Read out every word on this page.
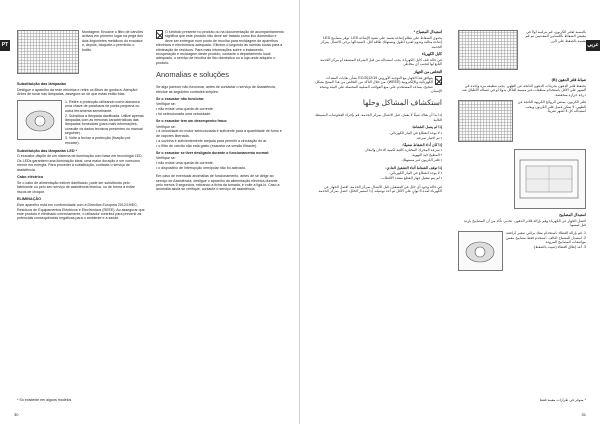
PT
Montagem: Encaixe o filtro de carvões activos em primeiro lugar na pega dos dois lingueletes metálicos do exaustor e, depois, bloqueie-o premindo o botão.
Substituição das lâmpadas
Desligue o aparelho da rede eléctrica e retire os filtros de gordura. Atenção! Antes de tocar nas lâmpadas, assegure-se de que estas estão frias.
1. Retire a protecção utilizando como alavanca uma chave de parafusos de ponta pequena ou outra ferramenta semelhante.
2. Substitua a lâmpada danificada. Utilize apenas lâmpadas com as mesmas características das lâmpadas fornecidas (para mais informações, consulte os dados técnicos presentes no manual seguinte).
3. Volte a fechar a protecção (fixação por encaixe).
Substituição das lâmpadas LED *
O exaustor dispõe de um sistema de iluminação com base em tecnologia LED. Os LEDs garantem uma iluminação ideal, uma maior duração e um consumo menor em energia. Para proceder à substituição, contacte o serviço de assistência.
Cabo eléctrico
Se o cabo de alimentação estiver danificado, pode ser substituído pelo fabricante ou pelo seu serviço de assistência técnica, ou de forma a evitar riscos de choque.
ELIMINAÇÃO
Este aparelho está em conformidade com a Directiva Europeia 2012/19/EC, Resíduos de Equipamentos Eléctricos e Electrónicos (REEE). Ao assegurar que este produto é eliminado correctamente, o utilizador contribui para prevenir as potenciais consequências negativas para o ambiente e a saúde.
O símbolo presente no produto ou na documentação de acompanhamento significa que este produto não deve ser tratado como lixo doméstico e deve ser entregue num ponto de recolha para reciclagem de aparelhos eléctricos e electrónicos adequado. Elimine-o segundo as normas locais para a eliminação de resíduos. Para mais informações sobre o tratamento, recuperação e reciclagem deste produto, contacte o departamento local adequado, o serviço de recolha de lixo doméstico ou a loja onde adquiriu o produto.
Anomalias e soluções
Se algo parecer não funcionar, antes de contactar o serviço de Assistência, efectue as seguintes controles simples:
Se o exaustor não funciona:
Verifique se:
• não existe uma queda de corrente.
• foi seleccionada uma velocidade.
Se o exaustor tem um desempenho fraco:
Verifique se:
• a velocidade do motor seleccionada é suficiente para a quantidade de fumo e de vapores libertada.
• a cozinha é suficientemente arejada para permitir a circulação do ar.
• o filtro de carvão não está gasto (exaustor na versão filtrante).
Se o exaustor se tiver desligado durante o funcionamento normal:
Verifique se:
• não existe uma queda de corrente.
• o dispositivo de interrupção omnipolar não foi activado.
Em caso de eventuais anomalias de funcionamento, antes de se dirigir ao serviço de Assistência, desligue o aparelho da alimentação eléctrica durante pelo menos 5 segundos, retirando a ficha da tomada, e volte a ligá-lo. Caso a anomalia ainda se verifique, contacte o serviço de assistência.
* Só existente em alguns modelos
30
عربي
استبدال المصباح *
يحتوي الشفاط على نظام إضاءة يعتمد على تقنية الإضاءة LED. توفر مصابيح LED إضاءة مثالية وتدوم لفترة أطول وتستهلك طاقة أقل. لاستبدالها يرجى الاتصال بمركز الخدمة.
كابل الكهرباء
في حالة تلف كابل الكهرباء، يجب استبداله من قبل الشركة المصنعة أو مركز الخدمة التابع لها لتجنب أي مخاطر.
التخلص من الجهاز
يتوافق هذا الجهاز مع التوجيه الأوروبي 2012/19/EC بشأن نفايات المعدات الكهربائية والإلكترونية (WEEE). من خلال التأكد من التخلص من هذا المنتج بشكل صحيح، يساعد المستخدم على منع العواقب السلبية المحتملة على البيئة وصحة الإنسان.
استكشاف المشاكل وحلها
إذا بدا أن هناك شيئًا لا يعمل، قبل الاتصال بمركز الخدمة، قم بإجراء الفحوصات البسيطة التالية:
إذا لم يعمل الشفاط:
• لا يوجد انقطاع في التيار الكهربائي.
• تم اختيار سرعة.
إذا كان أداء الشفاط ضعيفًا:
• سرعة المحرك المختارة كافية لكمية الدخان والبخار.
• المطبخ جيد التهوية.
• فلتر الكربون غير مستهلك.
إذا توقف الشفاط أثناء التشغيل العادي:
• لا يوجد انقطاع في التيار الكهربائي.
• لم يتم تفعيل جهاز القطع متعدد الأقطاب.
في حالة وجود أي خلل في التشغيل، قبل الاتصال بمركز الخدمة، افصل الجهاز عن الكهرباء لمدة 5 ثوانٍ على الأقل ثم أعد توصيله. إذا استمر الخلل، اتصل بمركز الخدمة.
بالنسبة لفلتر الكربون، قم بتركيبه أولاً في مقبض الشفاط باللسانين المعدنيين ثم قم بتثبيته بالضغط على الزر.
صيانة فلتر الدهون (B)
يحتفظ فلتر الدهون بجزيئات الدهون الناتجة عن الطهي. يجب تنظيفه مرة واحدة في الشهر على الأقل باستخدام منظفات غير مسببة للتآكل يدويًا أو في غسالة الأطباق عند درجة حرارة منخفضة.
فلتر الكربون: يمتص الروائح الكريهة الناتجة عن الطهي. لا يمكن غسل فلتر الكربون ويجب استبداله كل 4 أشهر تقريبًا.
استبدال المصابيح
افصل الجهاز عن الكهرباء وقم بإزالة فلاتر الدهون. تحذير: تأكد من أن المصابيح باردة قبل لمسها.
1. قم بإزالة الغطاء باستخدام مفك براغي صغير كرافعة.
2. استبدل المصباح التالف. استخدم فقط مصابيح بنفس مواصفات المصابيح المزودة.
3. أعد إغلاق الغطاء (تثبيت بالضغط).
* متوفر في طرازات معينة فقط
31
